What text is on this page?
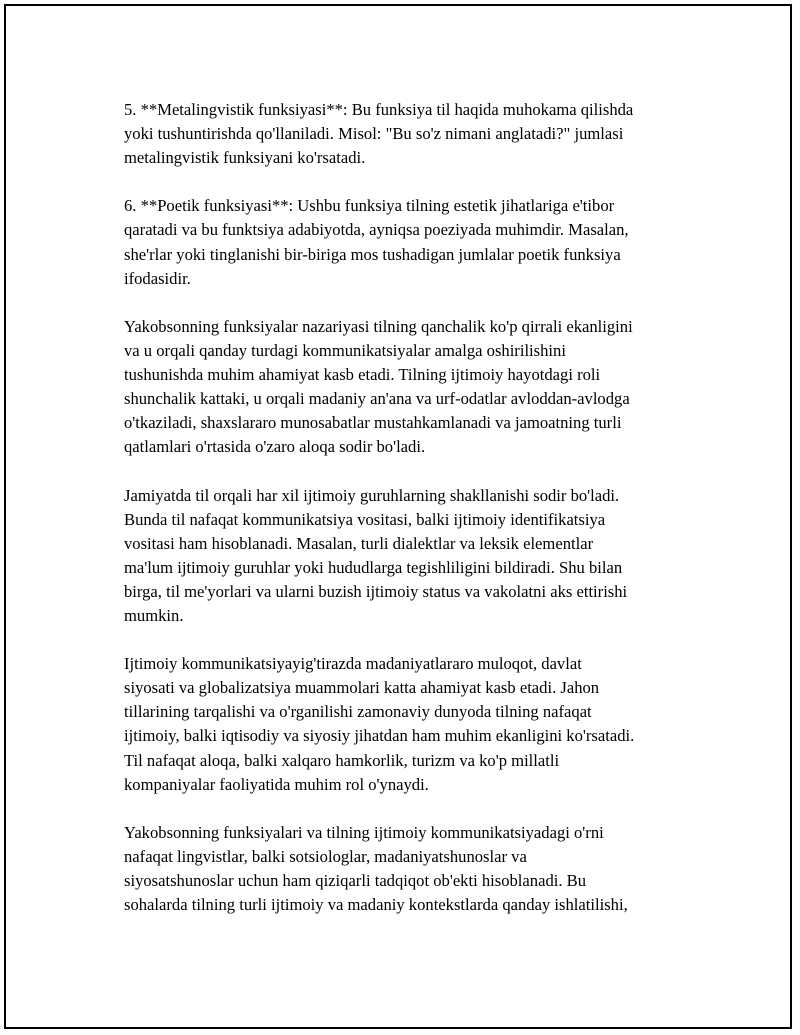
5. **Metalingvistik funksiyasi**: Bu funksiya til haqida muhokama qilishda
yoki tushuntirishda qo'llaniladi. Misol: "Bu so'z nimani anglatadi?" jumlasi
metalingvistik funksiyani ko'rsatadi.

6. **Poetik funksiyasi**: Ushbu funksiya tilning estetik jihatlariga e'tibor
qaratadi va bu funktsiya adabiyotda, ayniqsa poeziyada muhimdir. Masalan,
she'rlar yoki tinglanishi bir-biriga mos tushadigan jumlalar poetik funksiya
ifodasidir.

Yakobsonning funksiyalar nazariyasi tilning qanchalik ko'p qirrali ekanligini
va u orqali qanday turdagi kommunikatsiyalar amalga oshirilishini
tushunishda muhim ahamiyat kasb etadi. Tilning ijtimoiy hayotdagi roli
shunchalik kattaki, u orqali madaniy an'ana va urf-odatlar avloddan-avlodga
o'tkaziladi, shaxslararo munosabatlar mustahkamlanadi va jamoatning turli
qatlamlari o'rtasida o'zaro aloqa sodir bo'ladi.

Jamiyatda til orqali har xil ijtimoiy guruhlarning shakllanishi sodir bo'ladi.
Bunda til nafaqat kommunikatsiya vositasi, balki ijtimoiy identifikatsiya
vositasi ham hisoblanadi. Masalan, turli dialektlar va leksik elementlar
ma'lum ijtimoiy guruhlar yoki hududlarga tegishliligini bildiradi. Shu bilan
birga, til me'yorlari va ularni buzish ijtimoiy status va vakolatni aks ettirishi
mumkin.

Ijtimoiy kommunikatsiyayig'tirazda madaniyatlararo muloqot, davlat
siyosati va globalizatsiya muammolari katta ahamiyat kasb etadi. Jahon
tillarining tarqalishi va o'rganilishi zamonaviy dunyoda tilning nafaqat
ijtimoiy, balki iqtisodiy va siyosiy jihatdan ham muhim ekanligini ko'rsatadi.
Til nafaqat aloqa, balki xalqaro hamkorlik, turizm va ko'p millatli
kompaniyalar faoliyatida muhim rol o'ynaydi.

Yakobsonning funksiyalari va tilning ijtimoiy kommunikatsiyadagi o'rni
nafaqat lingvistlar, balki sotsiologlar, madaniyatshunoslar va
siyosatshunoslar uchun ham qiziqarli tadqiqot ob'ekti hisoblanadi. Bu
sohalarda tilning turli ijtimoiy va madaniy kontekstlarda qanday ishlatilishi,
